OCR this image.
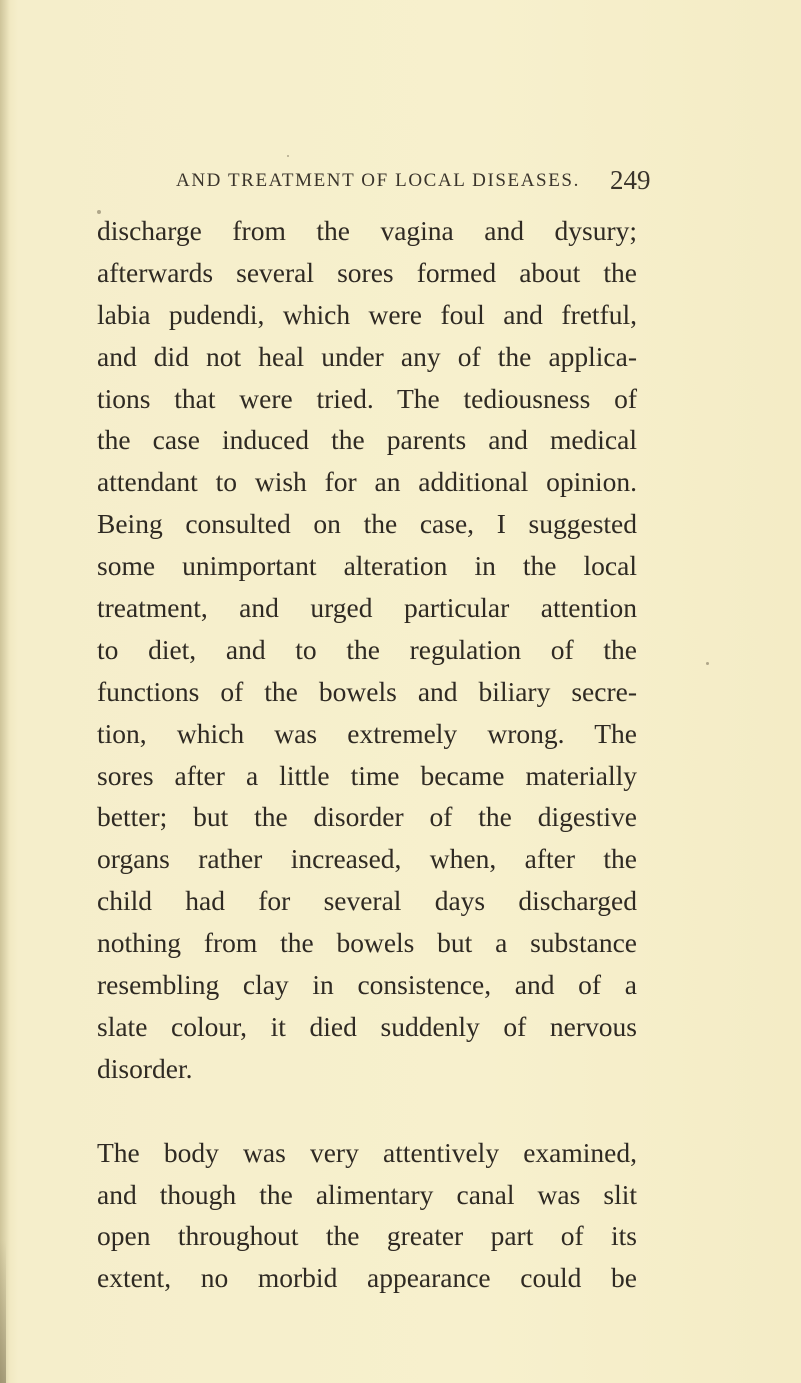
AND TREATMENT OF LOCAL DISEASES. 249
discharge from the vagina and dysury;
afterwards several sores formed about the
labia pudendi, which were foul and fretful,
and did not heal under any of the applica-
tions that were tried. The tediousness of
the case induced the parents and medical
attendant to wish for an additional opinion.
Being consulted on the case, I suggested
some unimportant alteration in the local
treatment, and urged particular attention
to diet, and to the regulation of the
functions of the bowels and biliary secre-
tion, which was extremely wrong. The
sores after a little time became materially
better; but the disorder of the digestive
organs rather increased, when, after the
child had for several days discharged
nothing from the bowels but a substance
resembling clay in consistence, and of a
slate colour, it died suddenly of nervous
disorder.
The body was very attentively examined,
and though the alimentary canal was slit
open throughout the greater part of its
extent, no morbid appearance could be
